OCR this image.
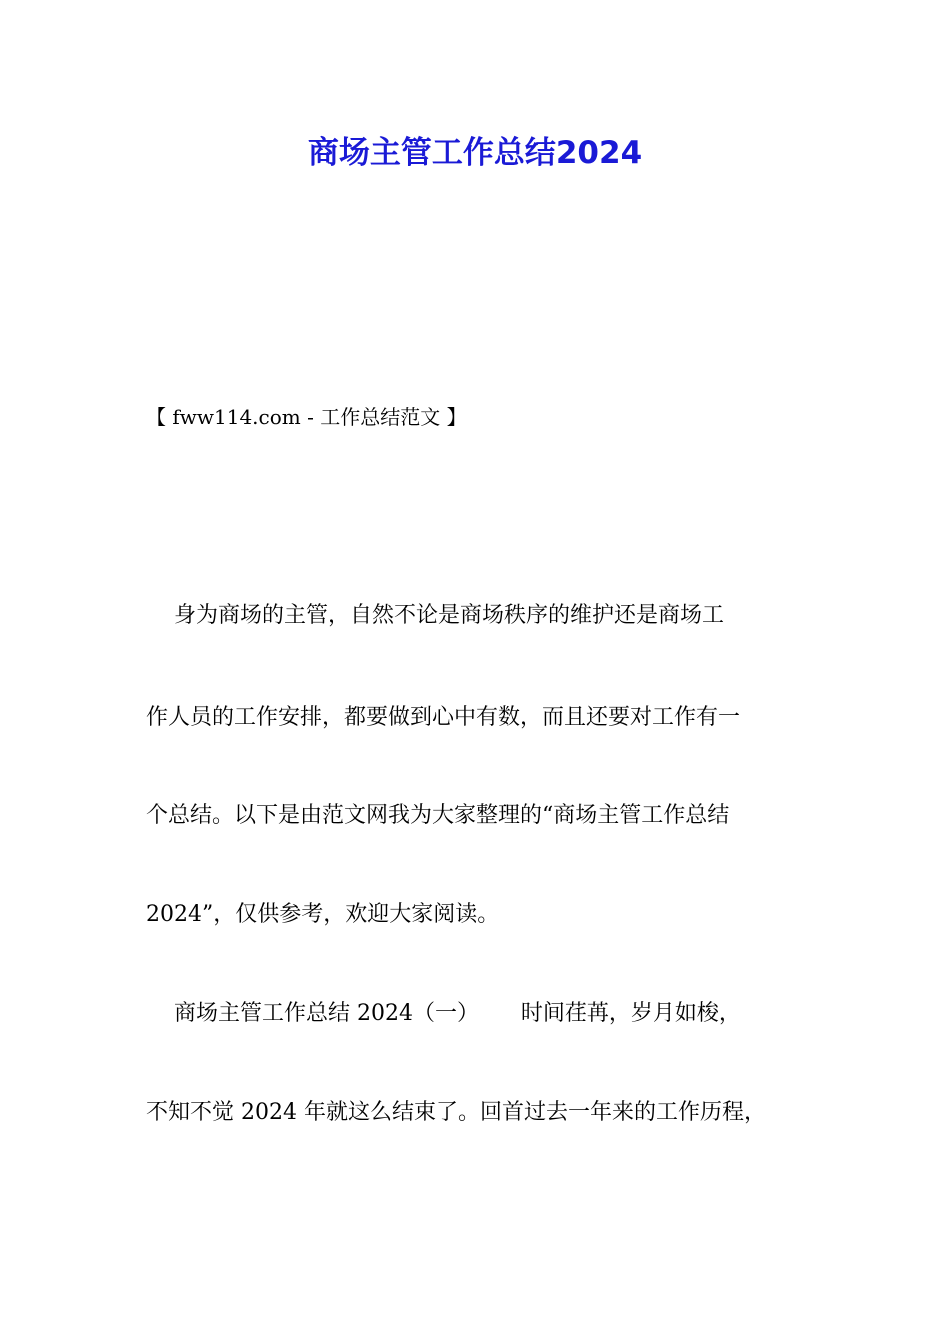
商场主管工作总结2024
【 fww114.com - 工作总结范文 】
身为商场的主管，自然不论是商场秩序的维护还是商场工
作人员的工作安排，都要做到心中有数，而且还要对工作有一
个总结。以下是由范文网我为大家整理的“商场主管工作总结
2024”，仅供参考，欢迎大家阅读。
商场主管工作总结 2024（一）      时间荏苒，岁月如梭，
不知不觉 2024 年就这么结束了。回首过去一年来的工作历程，
